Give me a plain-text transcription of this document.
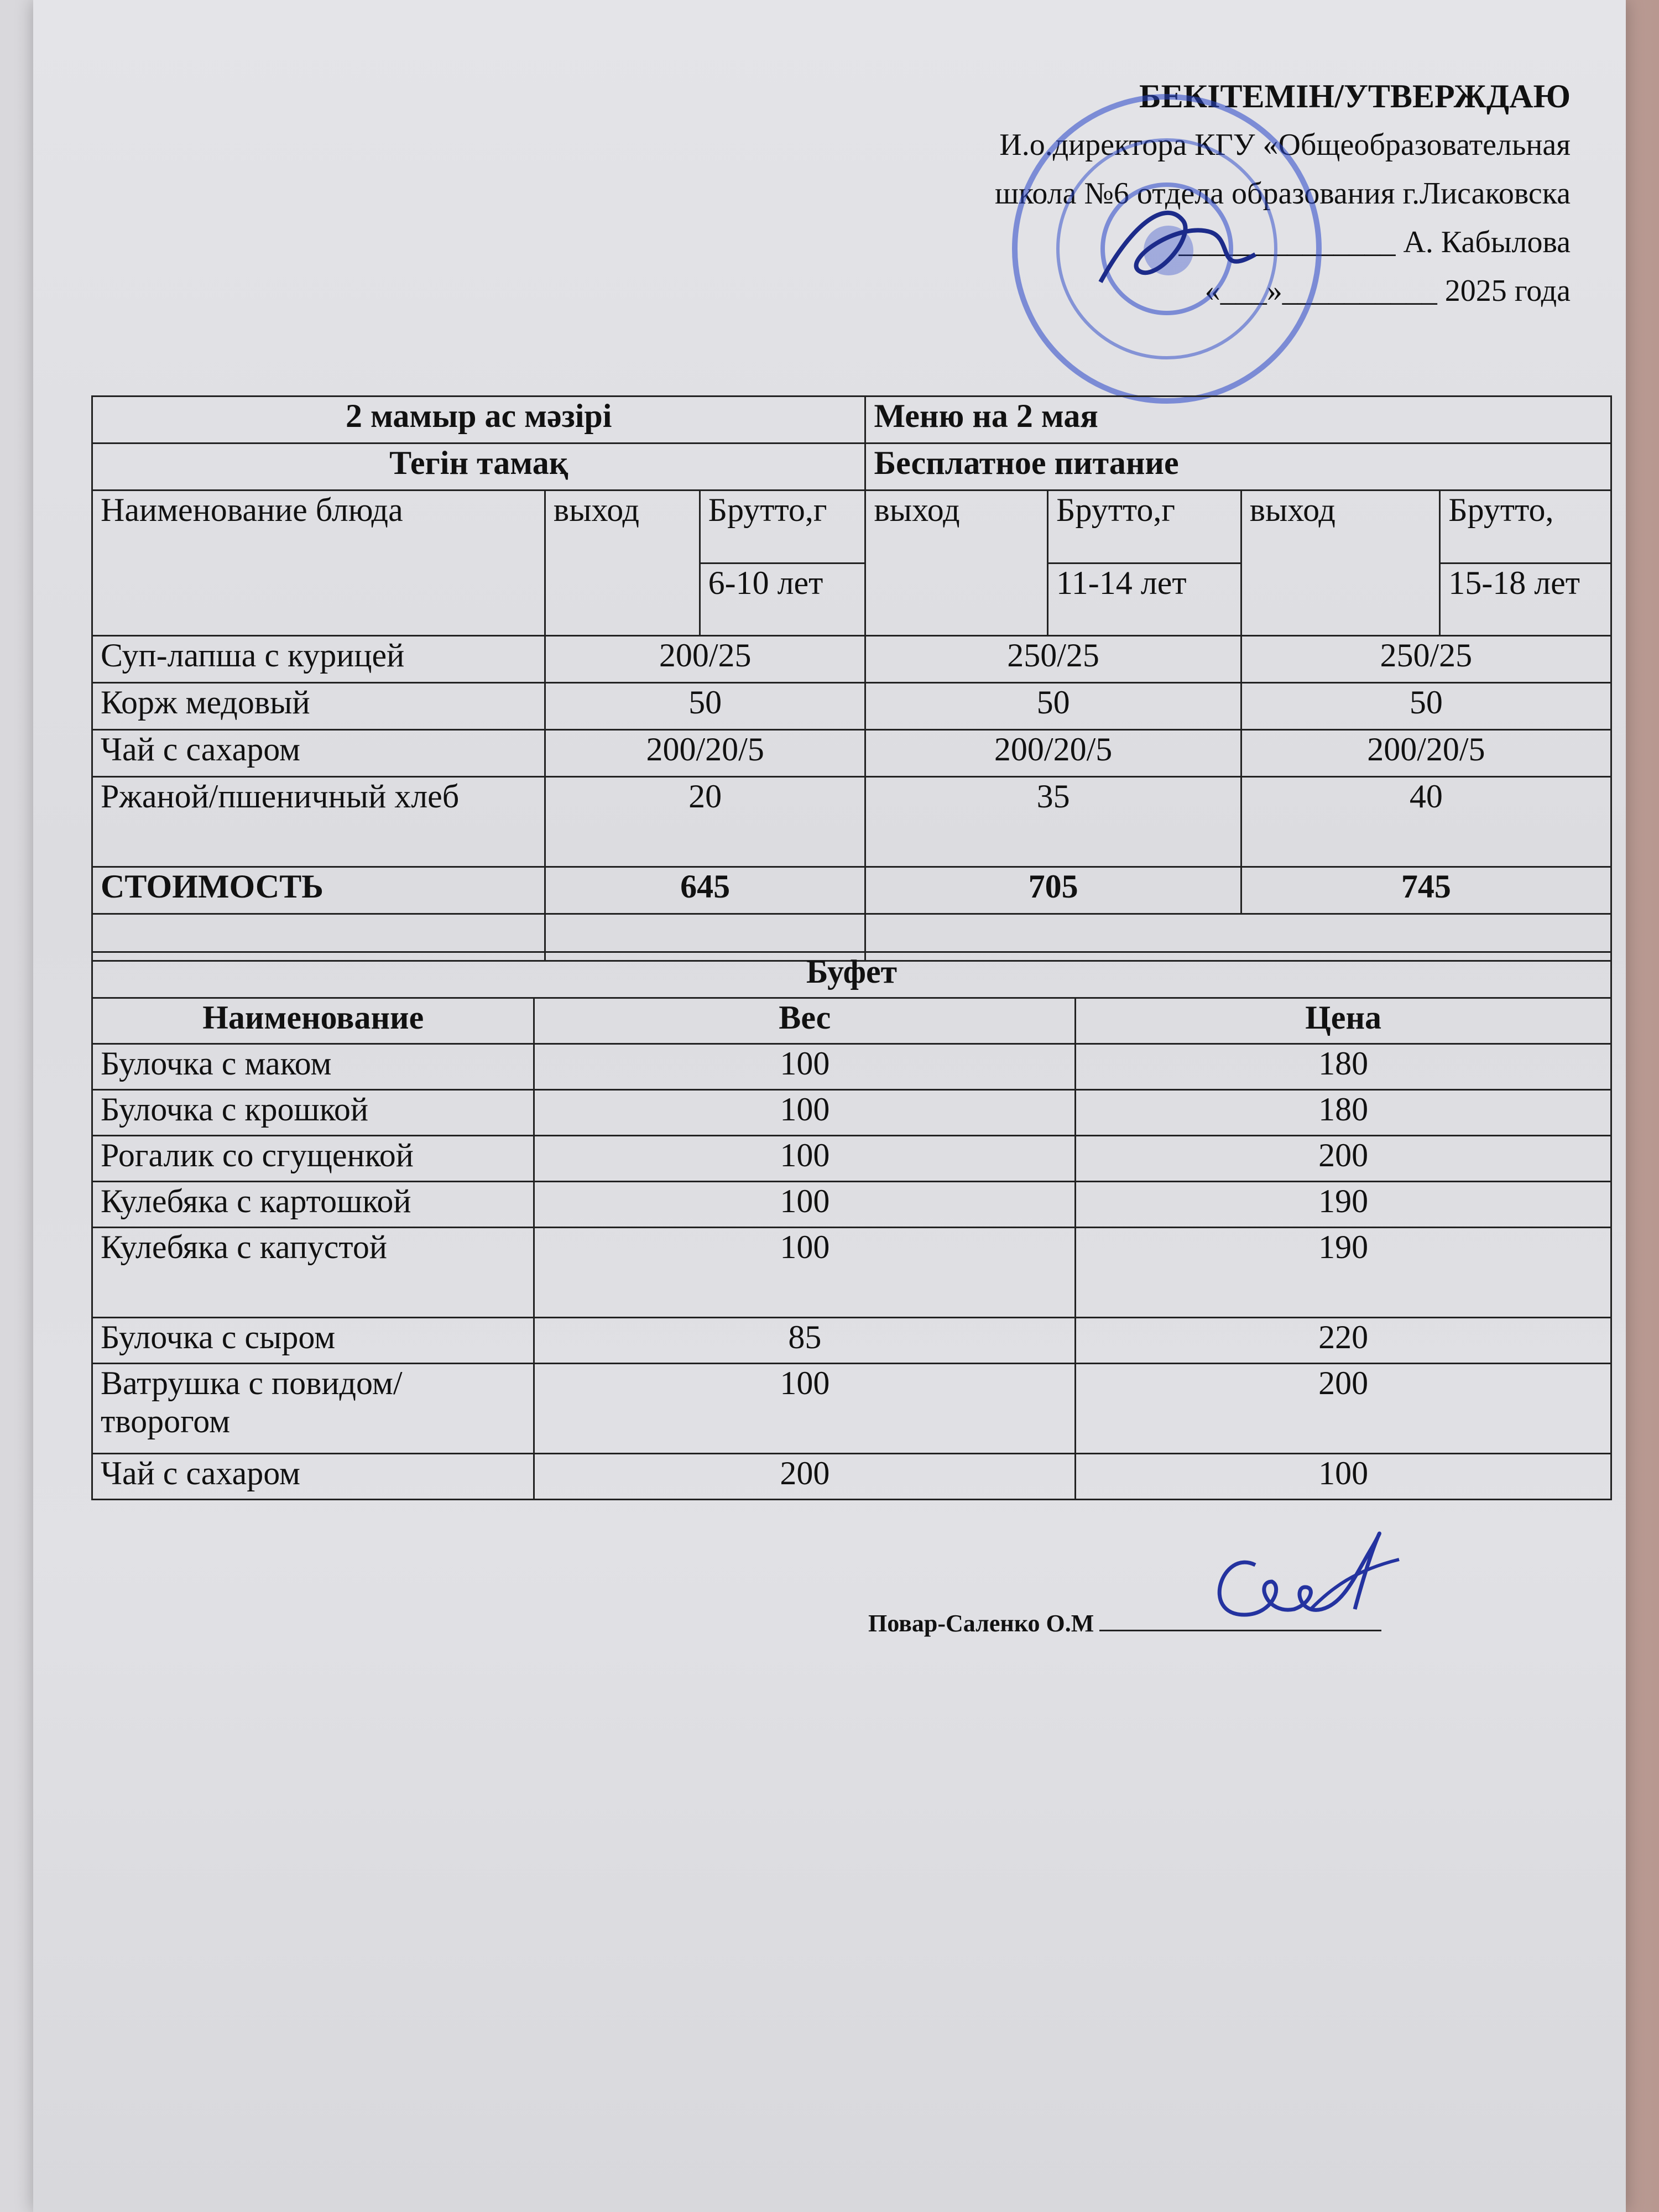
БЕКІТЕМІН/УТВЕРЖДАЮ
И.о.директора КГУ «Общеобразовательная
школа №6 отдела образования г.Лисаковска
______________ А. Кабылова
«___»__________ 2025 года
2 мамыр ас мәзірі			Меню на 2 мая			
Тегін тамақ			Бесплатное питание			
Наименование блюда	выход	Брутто,г	выход	Брутто,г	выход	Брутто,
		6-10 лет		11-14 лет		15-18 лет
Суп-лапша с курицей	200/25		250/25		250/25	
Корж медовый	50		50		50	
Чай с сахаром	200/20/5		200/20/5		200/20/5	
Ржаной/пшеничный хлеб	20		35		40	
СТОИМОСТЬ	645		705		745	

Буфет		
Наименование	Вес	Цена
Булочка с маком	100	180
Булочка с крошкой	100	180
Рогалик со сгущенкой	100	200
Кулебяка с картошкой	100	190
Кулебяка с капустой	100	190
Булочка с сыром	85	220
Ватрушка с повидом/творогом	100	200
Чай с сахаром	200	100
Повар-Саленко О.М
